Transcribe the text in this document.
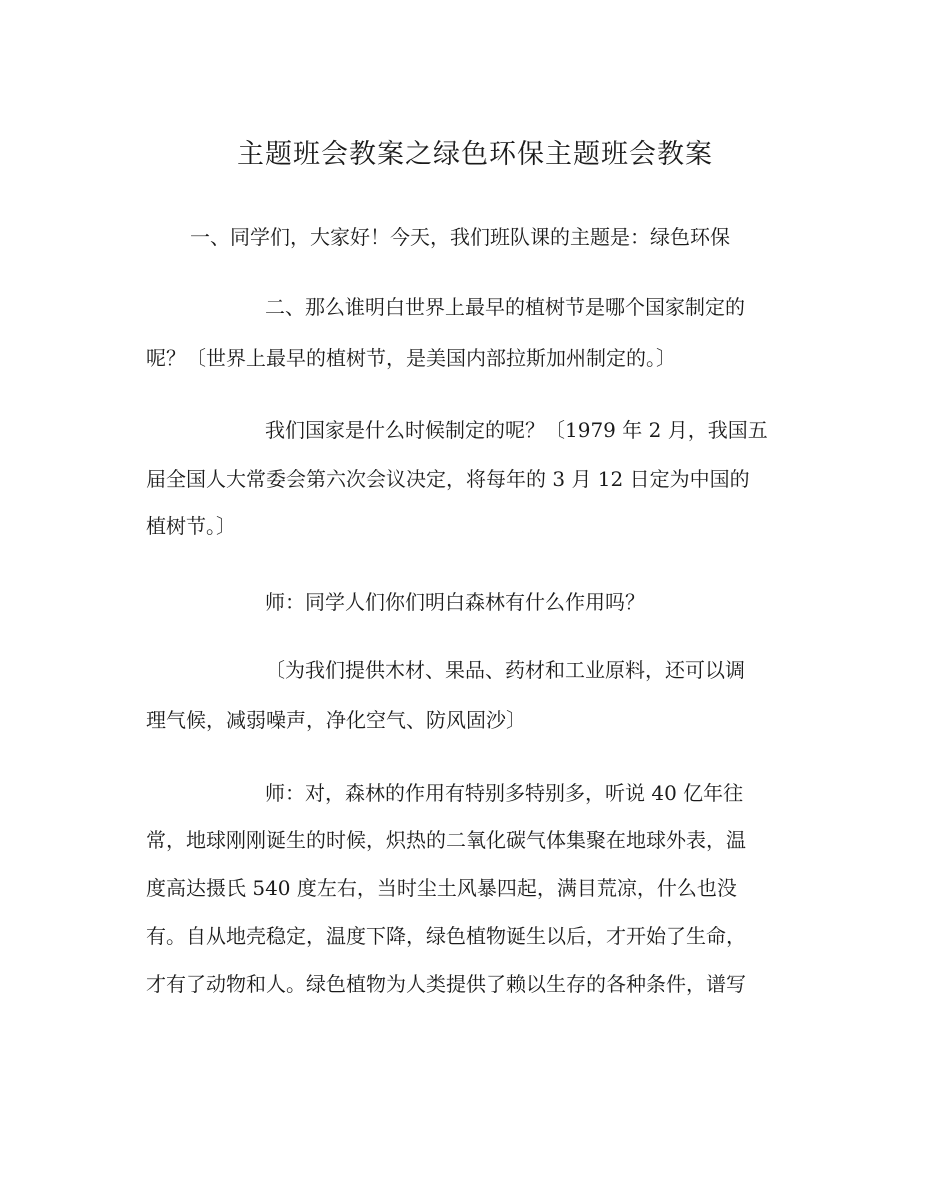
主题班会教案之绿色环保主题班会教案

一、同学们，大家好！今天，我们班队课的主题是：绿色环保

二、那么谁明白世界上最早的植树节是哪个国家制定的

呢？〔世界上最早的植树节，是美国内部拉斯加州制定的。〕

我们国家是什么时候制定的呢？〔1979 年 2 月，我国五

届全国人大常委会第六次会议决定，将每年的 3 月 12 日定为中国的

植树节。〕

师：同学人们你们明白森林有什么作用吗？

〔为我们提供木材、果品、药材和工业原料，还可以调

理气候，减弱噪声，净化空气、防风固沙〕

师：对，森林的作用有特别多特别多，听说 40 亿年往

常，地球刚刚诞生的时候，炽热的二氧化碳气体集聚在地球外表，温

度高达摄氏 540 度左右，当时尘土风暴四起，满目荒凉，什么也没

有。自从地壳稳定，温度下降，绿色植物诞生以后，才开始了生命，

才有了动物和人。绿色植物为人类提供了赖以生存的各种条件，谱写
